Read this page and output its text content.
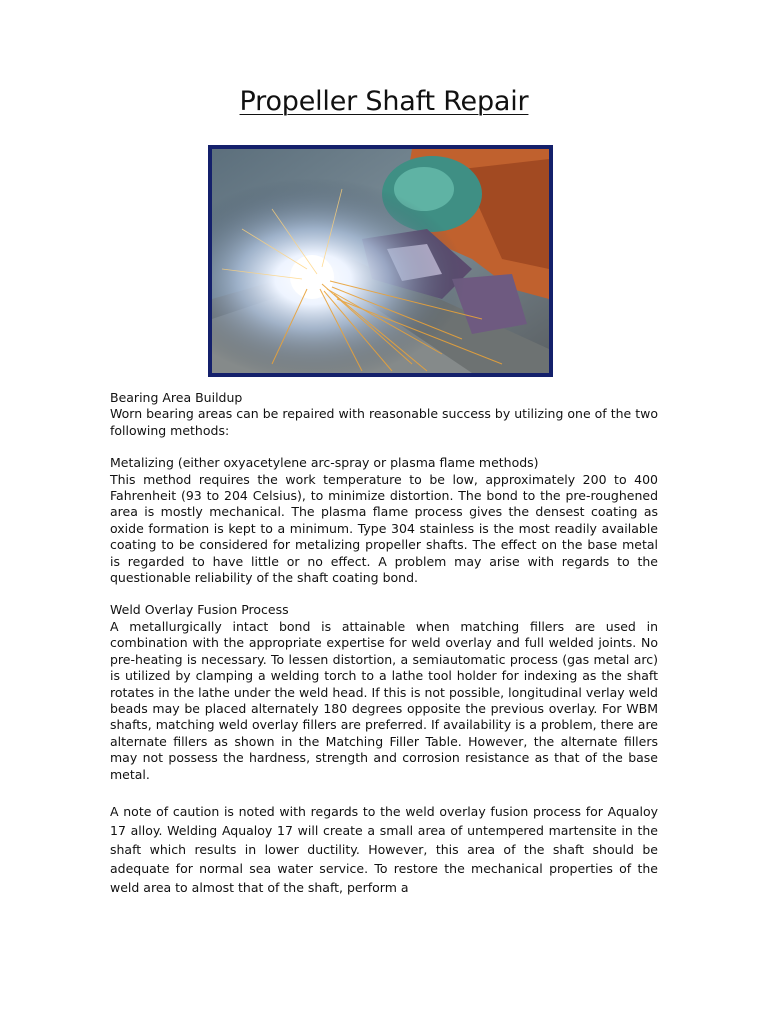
Propeller Shaft Repair

Bearing Area Buildup

Worn bearing areas can be repaired with reasonable success by utilizing one of the two following methods:

Metalizing (either oxyacetylene arc-spray or plasma flame methods)

This method requires the work temperature to be low, approximately 200 to 400 Fahrenheit (93 to 204 Celsius), to minimize distortion. The bond to the pre-roughened area is mostly mechanical. The plasma flame process gives the densest coating as oxide formation is kept to a minimum. Type 304 stainless is the most readily available coating to be considered for metalizing propeller shafts. The effect on the base metal is regarded to have little or no effect. A problem may arise with regards to the questionable reliability of the shaft coating bond.

Weld Overlay Fusion Process

A metallurgically intact bond is attainable when matching fillers are used in combination with the appropriate expertise for weld overlay and full welded joints. No pre-heating is necessary. To lessen distortion, a semiautomatic process (gas metal arc) is utilized by clamping a welding torch to a lathe tool holder for indexing as the shaft rotates in the lathe under the weld head. If this is not possible, longitudinal verlay weld beads may be placed alternately 180 degrees opposite the previous overlay. For WBM shafts, matching weld overlay fillers are preferred. If availability is a problem, there are alternate fillers as shown in the Matching Filler Table. However, the alternate fillers may not possess the hardness, strength and corrosion resistance as that of the base metal.

A note of caution is noted with regards to the weld overlay fusion process for Aqualoy 17 alloy. Welding Aqualoy 17 will create a small area of untempered martensite in the shaft which results in lower ductility. However, this area of the shaft should be adequate for normal sea water service. To restore the mechanical properties of the weld area to almost that of the shaft, perform a
